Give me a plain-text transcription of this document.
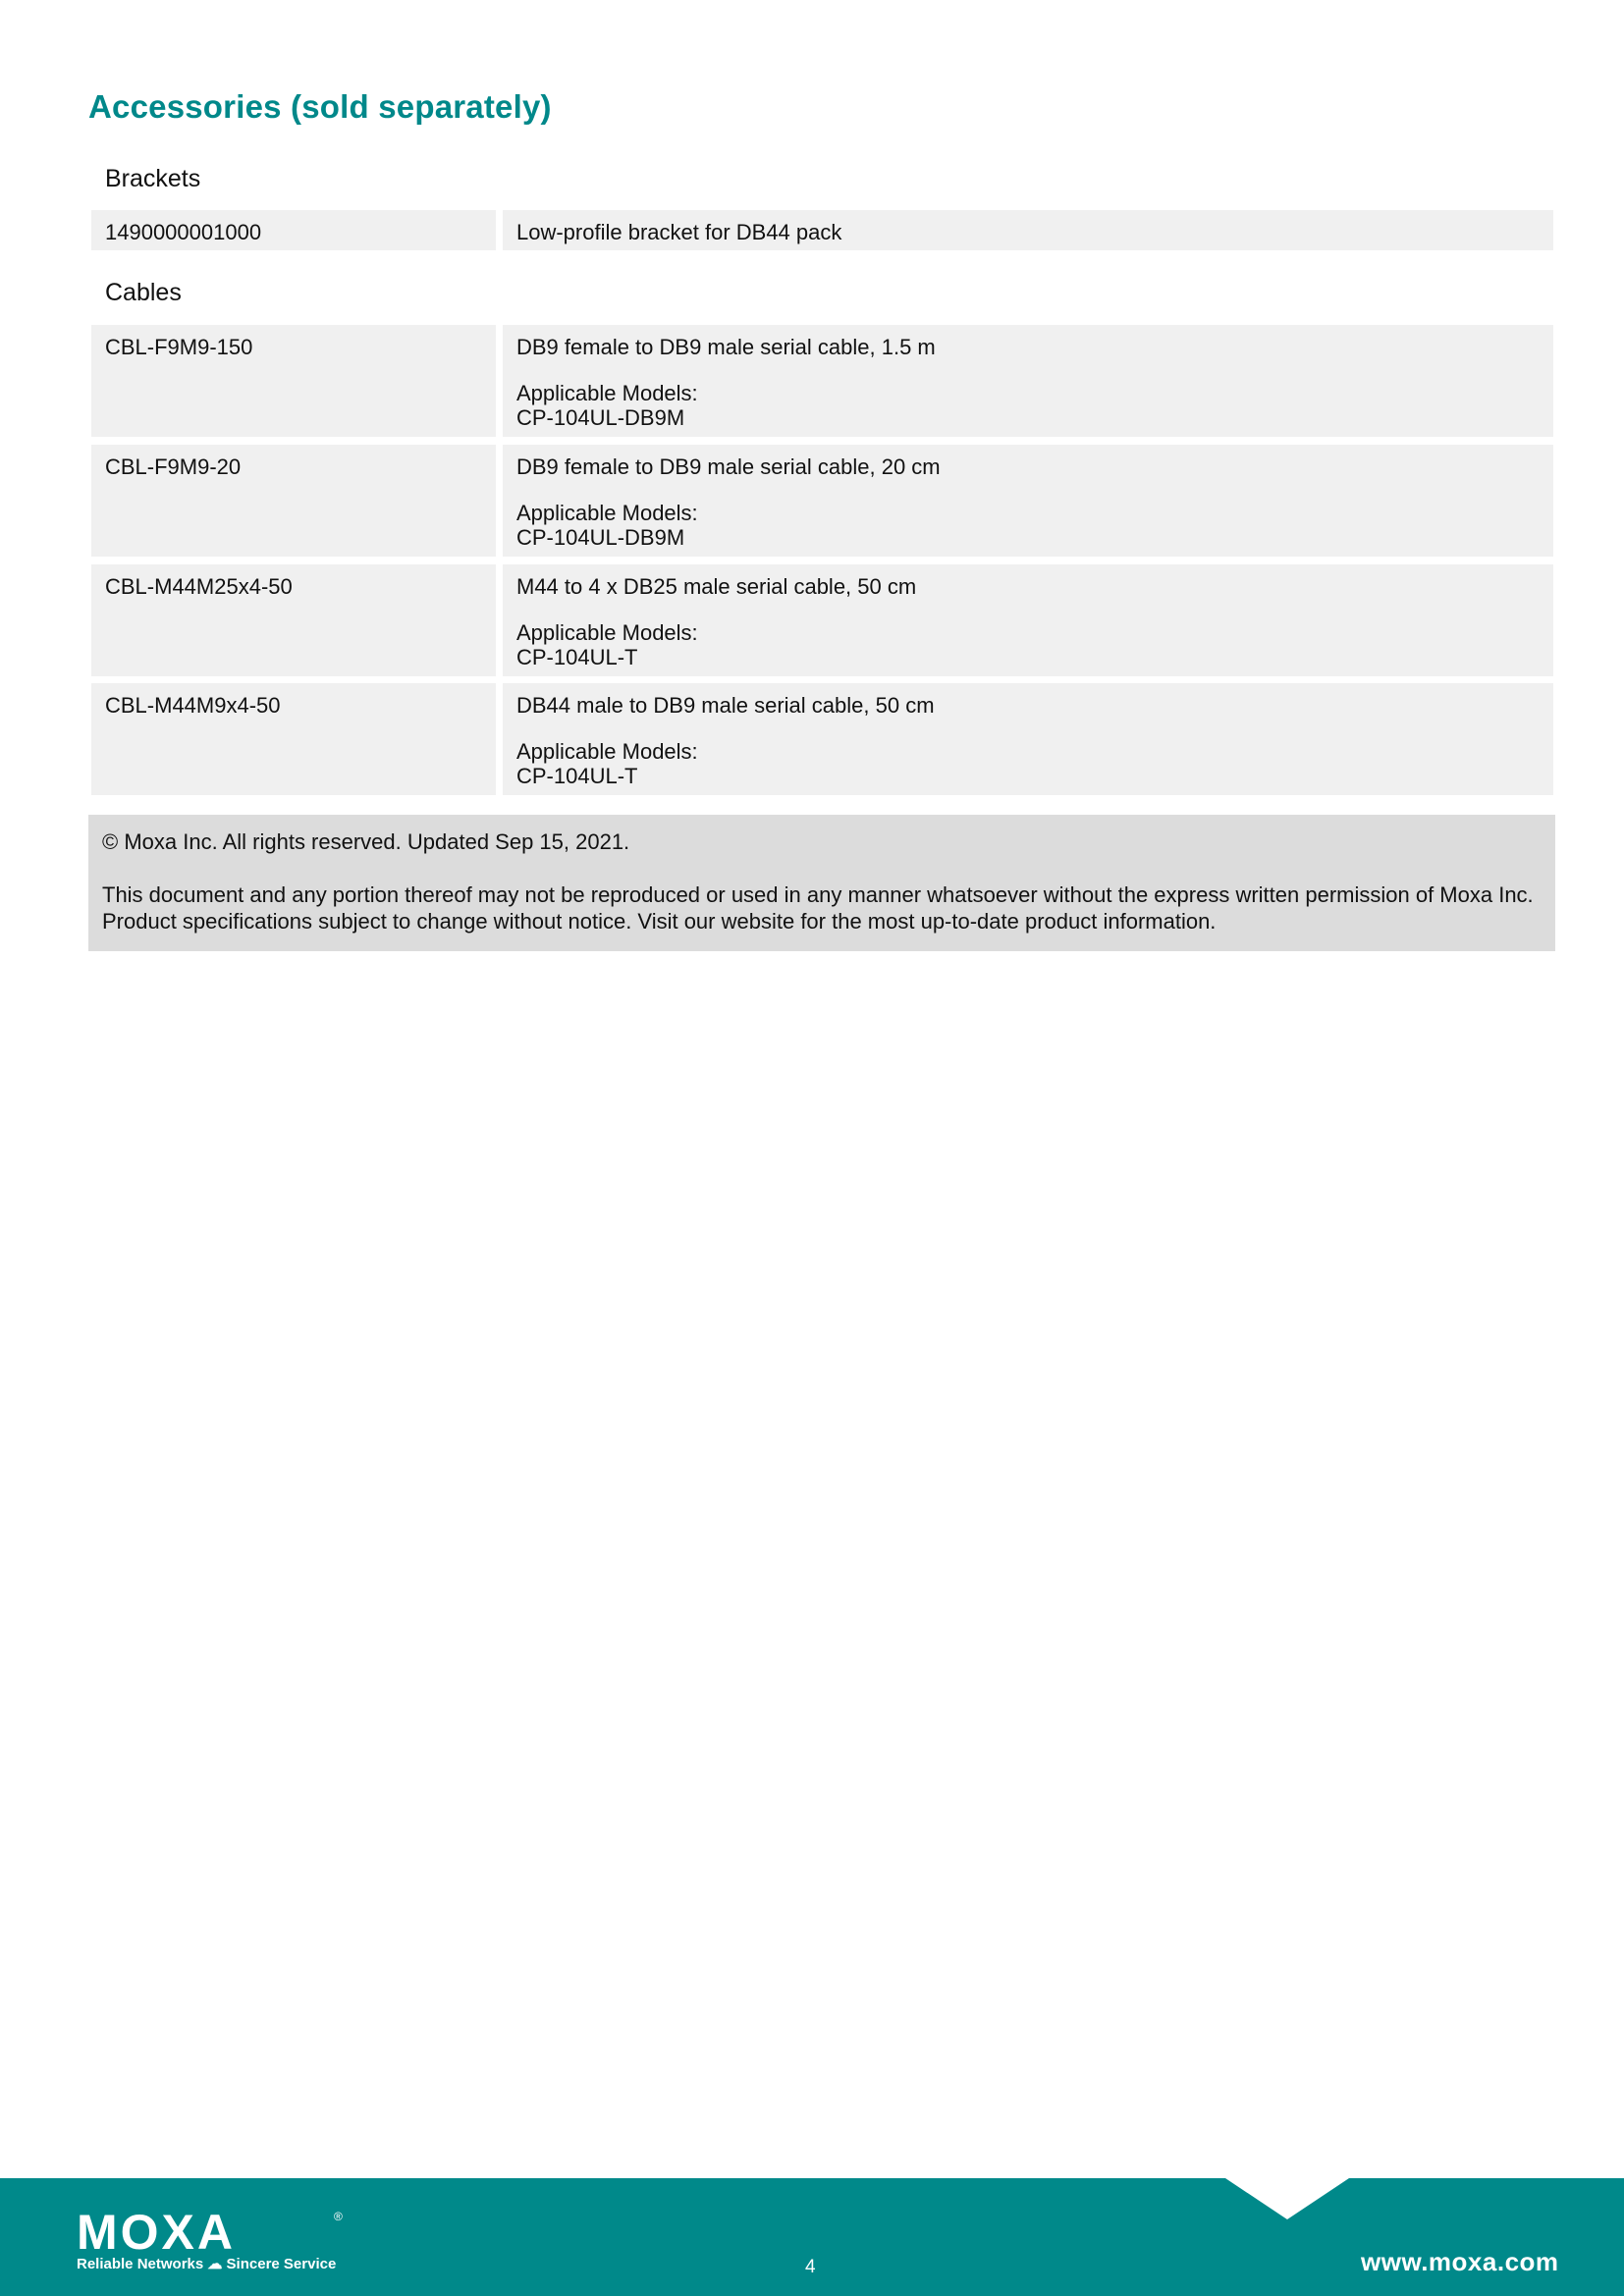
Accessories (sold separately)
Brackets
1490000001000	Low-profile bracket for DB44 pack
Cables
CBL-F9M9-150	DB9 female to DB9 male serial cable, 1.5 m
Applicable Models:
CP-104UL-DB9M
CBL-F9M9-20	DB9 female to DB9 male serial cable, 20 cm
Applicable Models:
CP-104UL-DB9M
CBL-M44M25x4-50	M44 to 4 x DB25 male serial cable, 50 cm
Applicable Models:
CP-104UL-T
CBL-M44M9x4-50	DB44 male to DB9 male serial cable, 50 cm
Applicable Models:
CP-104UL-T
© Moxa Inc. All rights reserved. Updated Sep 15, 2021.
This document and any portion thereof may not be reproduced or used in any manner whatsoever without the express written permission of Moxa Inc. Product specifications subject to change without notice. Visit our website for the most up-to-date product information.
MOXA	®
Reliable Networks ☁ Sincere Service	4	www.moxa.com
